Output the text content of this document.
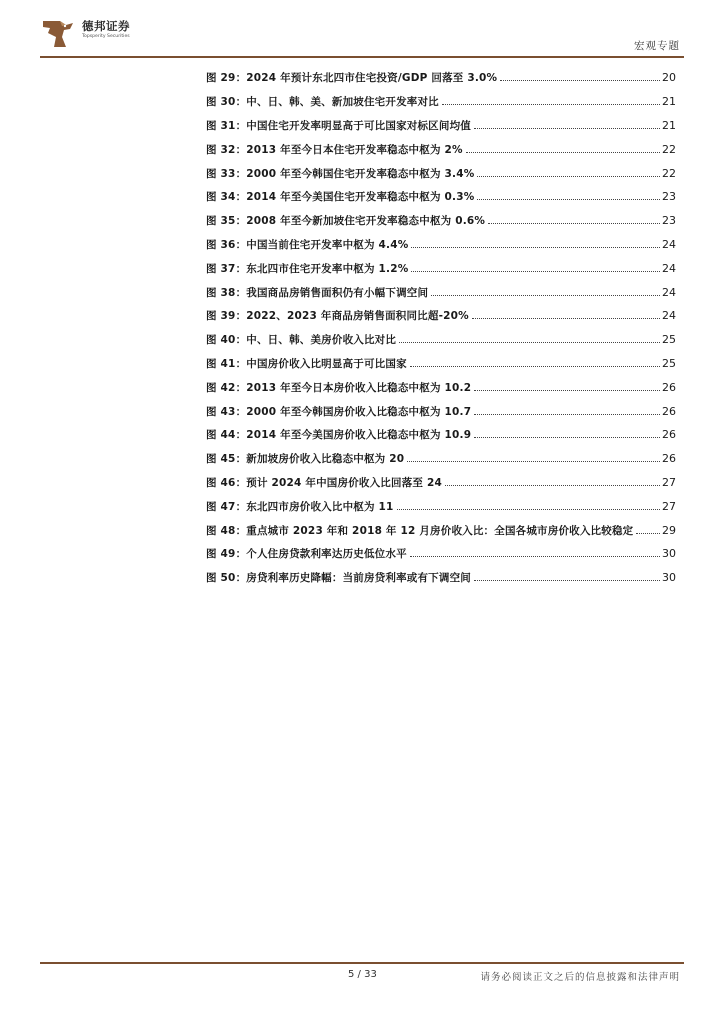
德邦证券
Topsperity Securities
宏观专题
图 29：2024 年预计东北四市住宅投资/GDP 回落至 3.0%	20
图 30：中、日、韩、美、新加坡住宅开发率对比	21
图 31：中国住宅开发率明显高于可比国家对标区间均值	21
图 32：2013 年至今日本住宅开发率稳态中枢为 2%	22
图 33：2000 年至今韩国住宅开发率稳态中枢为 3.4%	22
图 34：2014 年至今美国住宅开发率稳态中枢为 0.3%	23
图 35：2008 年至今新加坡住宅开发率稳态中枢为 0.6%	23
图 36：中国当前住宅开发率中枢为 4.4%	24
图 37：东北四市住宅开发率中枢为 1.2%	24
图 38：我国商品房销售面积仍有小幅下调空间	24
图 39：2022、2023 年商品房销售面积同比超-20%	24
图 40：中、日、韩、美房价收入比对比	25
图 41：中国房价收入比明显高于可比国家	25
图 42：2013 年至今日本房价收入比稳态中枢为 10.2	26
图 43：2000 年至今韩国房价收入比稳态中枢为 10.7	26
图 44：2014 年至今美国房价收入比稳态中枢为 10.9	26
图 45：新加坡房价收入比稳态中枢为 20	26
图 46：预计 2024 年中国房价收入比回落至 24	27
图 47：东北四市房价收入比中枢为 11	27
图 48：重点城市 2023 年和 2018 年 12 月房价收入比：全国各城市房价收入比较稳定	29
图 49：个人住房贷款利率达历史低位水平	30
图 50：房贷利率历史降幅：当前房贷利率或有下调空间	30
5 / 33	请务必阅读正文之后的信息披露和法律声明
